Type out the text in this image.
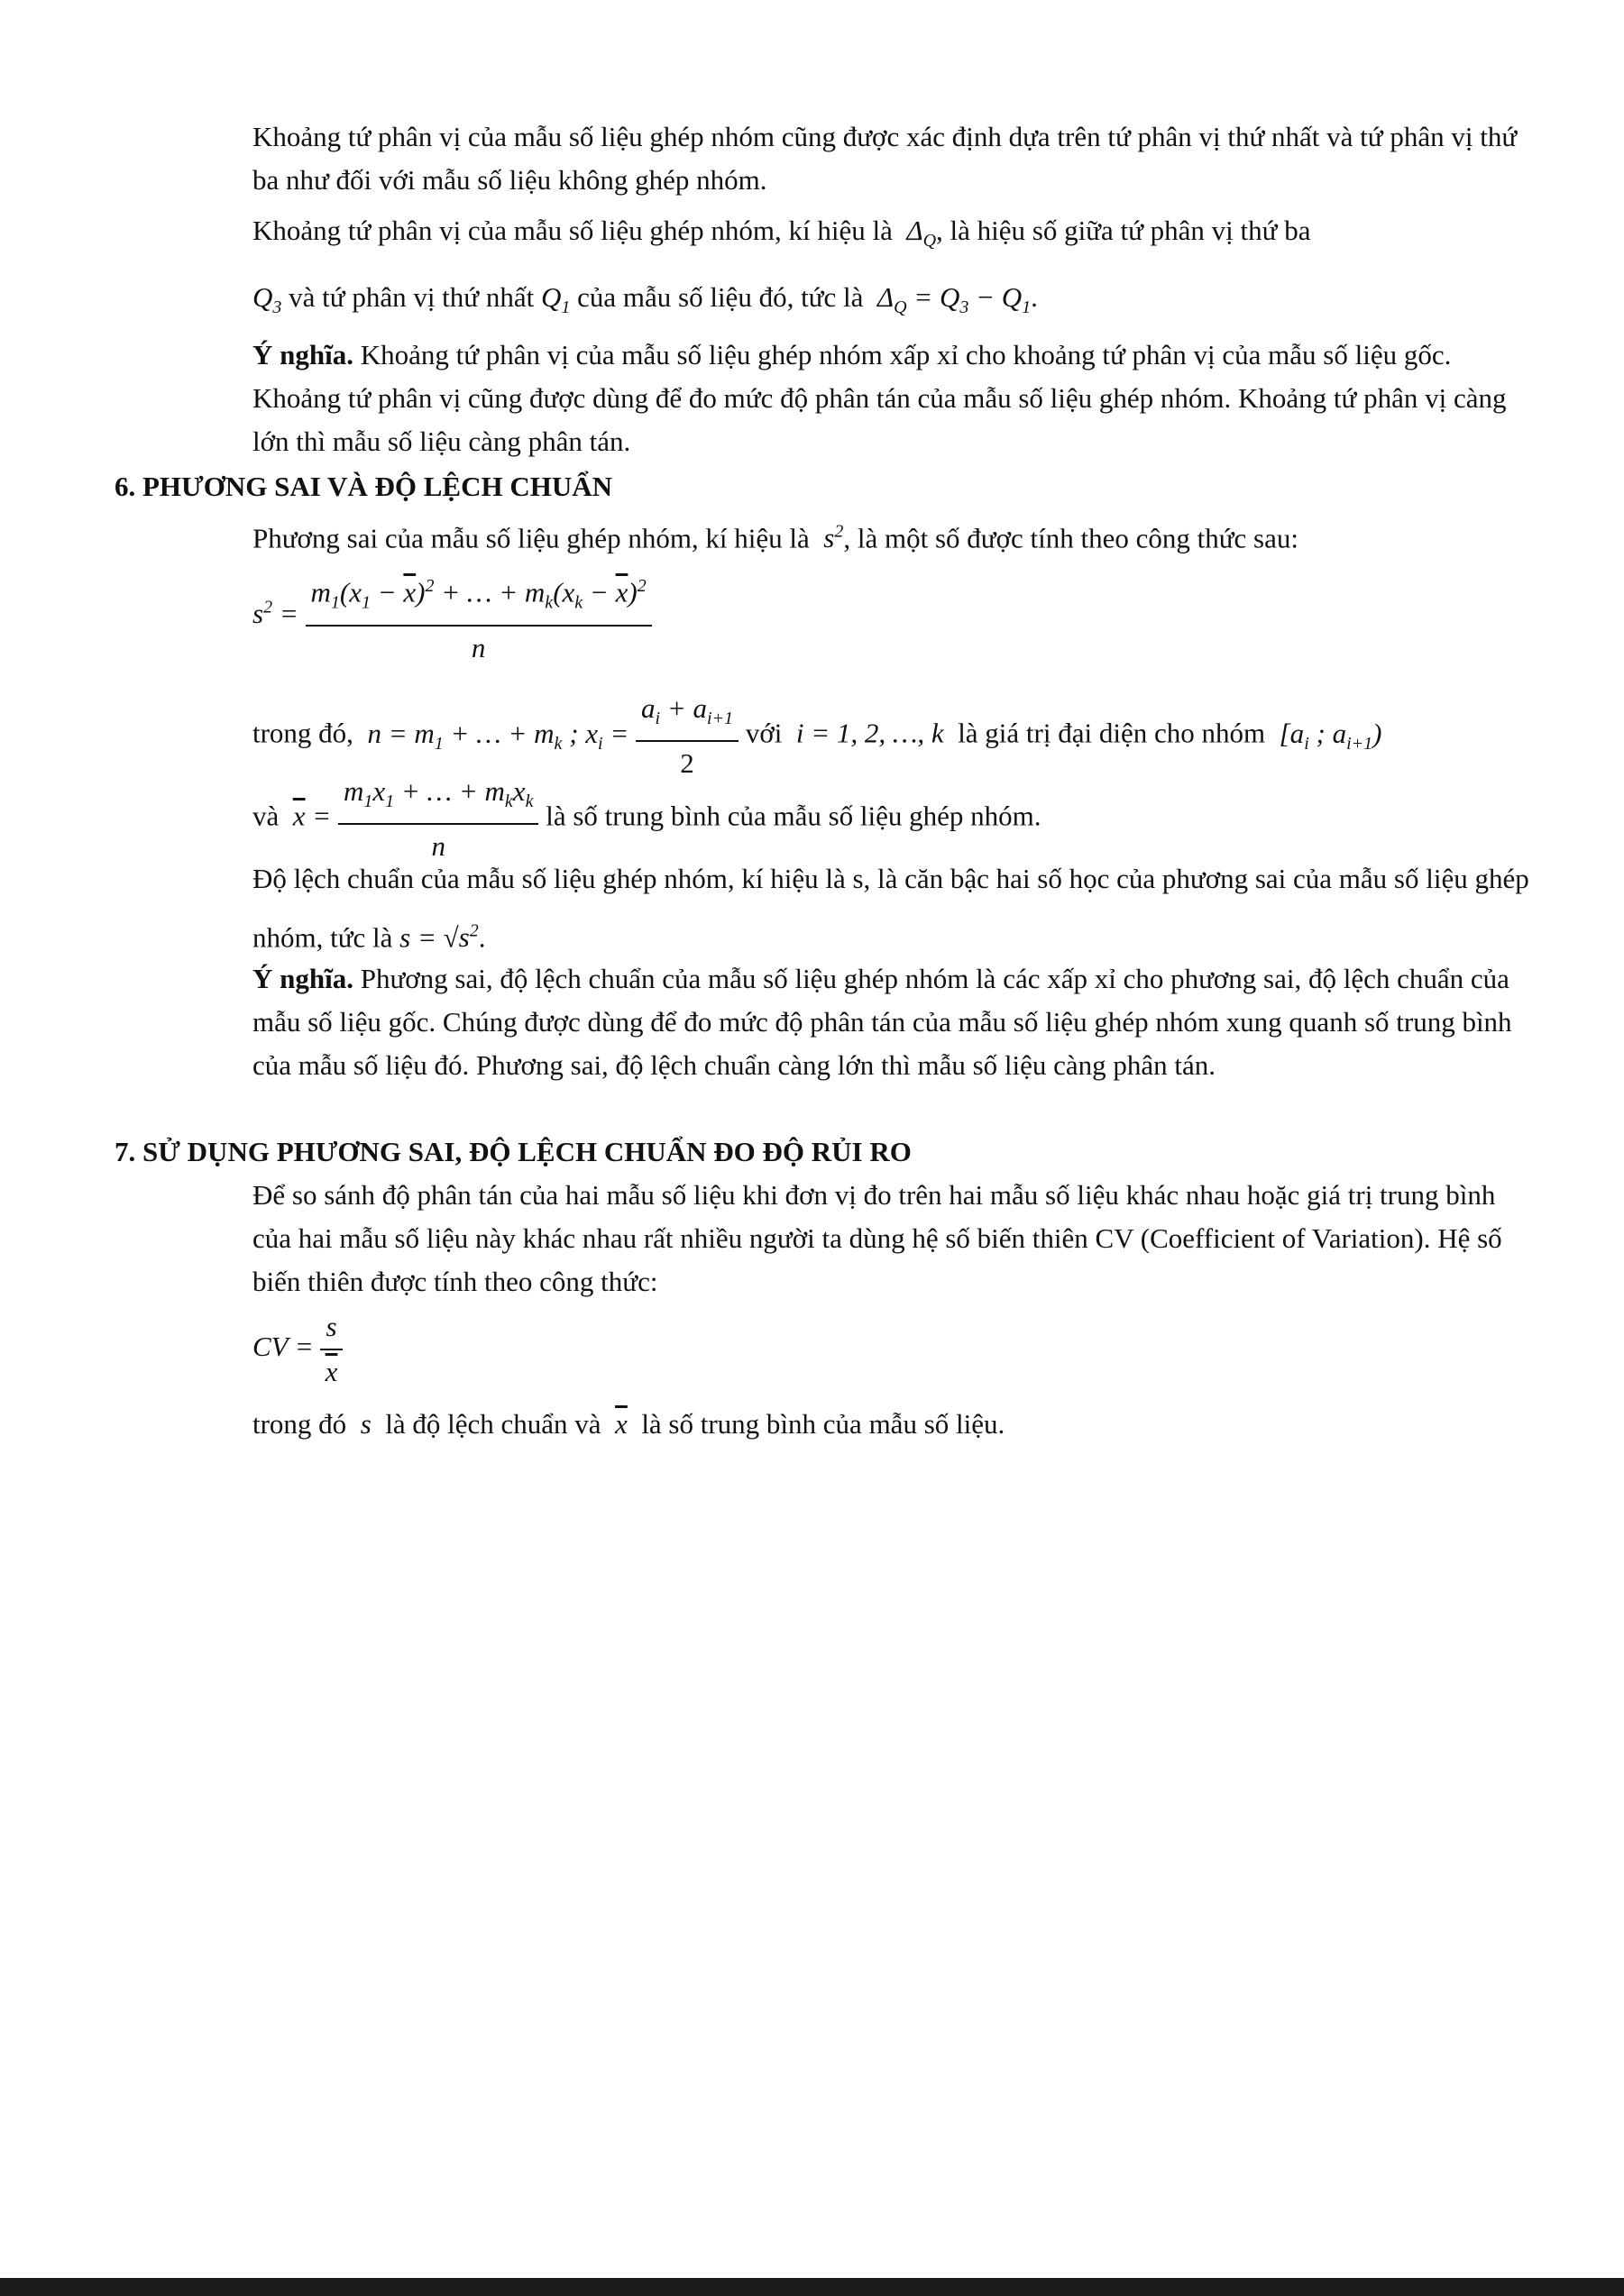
Khoảng tứ phân vị của mẫu số liệu ghép nhóm cũng được xác định dựa trên tứ phân vị thứ nhất và tứ phân vị thứ ba như đối với mẫu số liệu không ghép nhóm.

Khoảng tứ phân vị của mẫu số liệu ghép nhóm, kí hiệu là  $\Delta_Q$, là hiệu số giữa tứ phân vị thứ ba
$Q_3$ và tứ phân vị thứ nhất $Q_1$ của mẫu số liệu đó, tức là  $\Delta_Q = Q_3 - Q_1$.

Ý nghĩa. Khoảng tứ phân vị của mẫu số liệu ghép nhóm xấp xỉ cho khoảng tứ phân vị của mẫu số liệu gốc. Khoảng tứ phân vị cũng được dùng để đo mức độ phân tán của mẫu số liệu ghép nhóm. Khoảng tứ phân vị càng lớn thì mẫu số liệu càng phân tán.

6. PHƯƠNG SAI VÀ ĐỘ LỆCH CHUẨN

Phương sai của mẫu số liệu ghép nhóm, kí hiệu là  $s^2$, là một số được tính theo công thức sau:
$s^2 = \frac{m_1(x_1 - \overline{x})^2 + \dots + m_k(x_k - \overline{x})^2}{n}$
trong đó,  $n = m_1$ + … + $m_k$ ; $x_i = \frac{a_i + a_{i+1}}{2}$ với  i = 1, 2, …, k  là giá trị đại diện cho nhóm  [$a_i$ ; $a_{i+1}$)
và $\overline{x} = \frac{m_1x_1 + \dots + m_kx_k}{n}$ là số trung bình của mẫu số liệu ghép nhóm.

Độ lệch chuẩn của mẫu số liệu ghép nhóm, kí hiệu là s, là căn bậc hai số học của phương sai của mẫu số liệu ghép nhóm, tức là $s = √s^2$.

Ý nghĩa. Phương sai, độ lệch chuẩn của mẫu số liệu ghép nhóm là các xấp xỉ cho phương sai, độ lệch chuẩn của mẫu số liệu gốc. Chúng được dùng để đo mức độ phân tán của mẫu số liệu ghép nhóm xung quanh số trung bình của mẫu số liệu đó. Phương sai, độ lệch chuẩn càng lớn thì mẫu số liệu càng phân tán.

7. SỬ DỤNG PHƯƠNG SAI, ĐỘ LỆCH CHUẨN ĐO ĐỘ RỦI RO

Để so sánh độ phân tán của hai mẫu số liệu khi đơn vị đo trên hai mẫu số liệu khác nhau hoặc giá trị trung bình của hai mẫu số liệu này khác nhau rất nhiều người ta dùng hệ số biến thiên CV (Coefficient of Variation). Hệ số biến thiên được tính theo công thức:

CV = $\frac{s}{x}$
trong đó  s  là độ lệch chuẩn và $\overline{x}$ là số trung bình của mẫu số liệu.
